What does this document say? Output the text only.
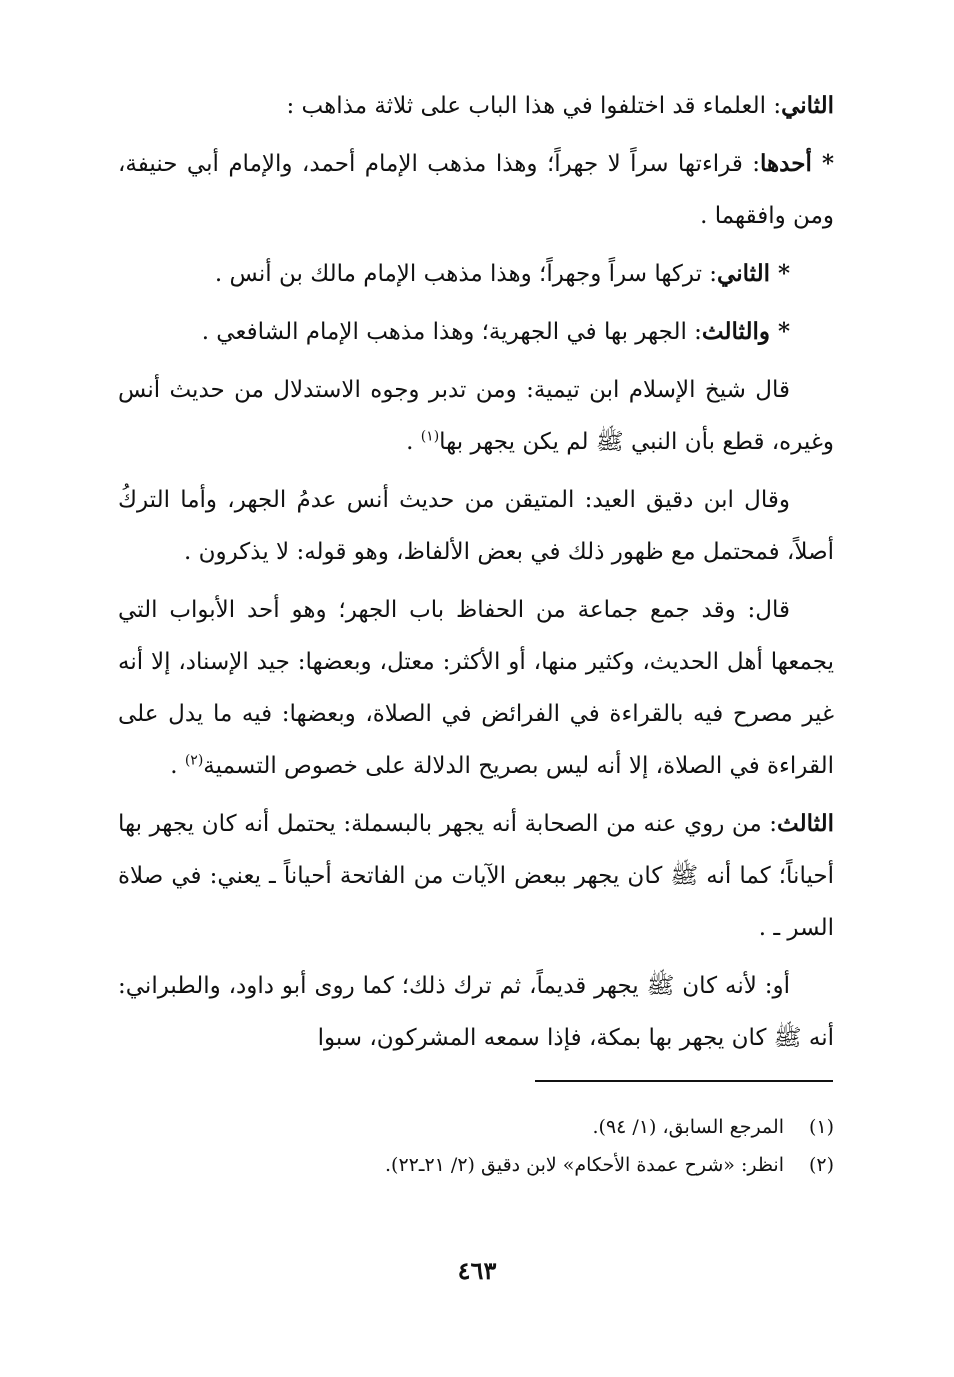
الثاني: العلماء قد اختلفوا في هذا الباب على ثلاثة مذاهب :

* أحدها: قراءتها سراً لا جهراً؛ وهذا مذهب الإمام أحمد، والإمام أبي حنيفة، ومن وافقهما .

* الثاني: تركها سراً وجهراً؛ وهذا مذهب الإمام مالك بن أنس .

* والثالث: الجهر بها في الجهرية؛ وهذا مذهب الإمام الشافعي .

قال شيخ الإسلام ابن تيمية: ومن تدبر وجوه الاستدلال من حديث أنس وغيره، قطع بأن النبي ﷺ لم يكن يجهر بها$^{(١)}$ .

وقال ابن دقيق العيد: المتيقن من حديث أنس عدمُ الجهر، وأما التركُ أصلاً، فمحتمل مع ظهور ذلك في بعض الألفاظ، وهو قوله: لا يذكرون .

قال: وقد جمع جماعة من الحفاظ باب الجهر؛ وهو أحد الأبواب التي يجمعها أهل الحديث، وكثير منها، أو الأكثر: معتل، وبعضها: جيد الإسناد، إلا أنه غير مصرح فيه بالقراءة في الفرائض في الصلاة، وبعضها: فيه ما يدل على القراءة في الصلاة، إلا أنه ليس بصريح الدلالة على خصوص التسمية$^{(٢)}$ .

الثالث: من روي عنه من الصحابة أنه يجهر بالبسملة: يحتمل أنه كان يجهر بها أحياناً؛ كما أنه ﷺ كان يجهر ببعض الآيات من الفاتحة أحياناً ـ يعني: في صلاة السر ـ .

أو: لأنه كان ﷺ يجهر قديماً، ثم ترك ذلك؛ كما روى أبو داود، والطبراني: أنه ﷺ كان يجهر بها بمكة، فإذا سمعه المشركون، سبوا

(١)
المرجع السابق، (١/ ٩٤).
(٢)
انظر: «شرح عمدة الأحكام» لابن دقيق (٢/ ٢١ـ٢٢).
٤٦٣
